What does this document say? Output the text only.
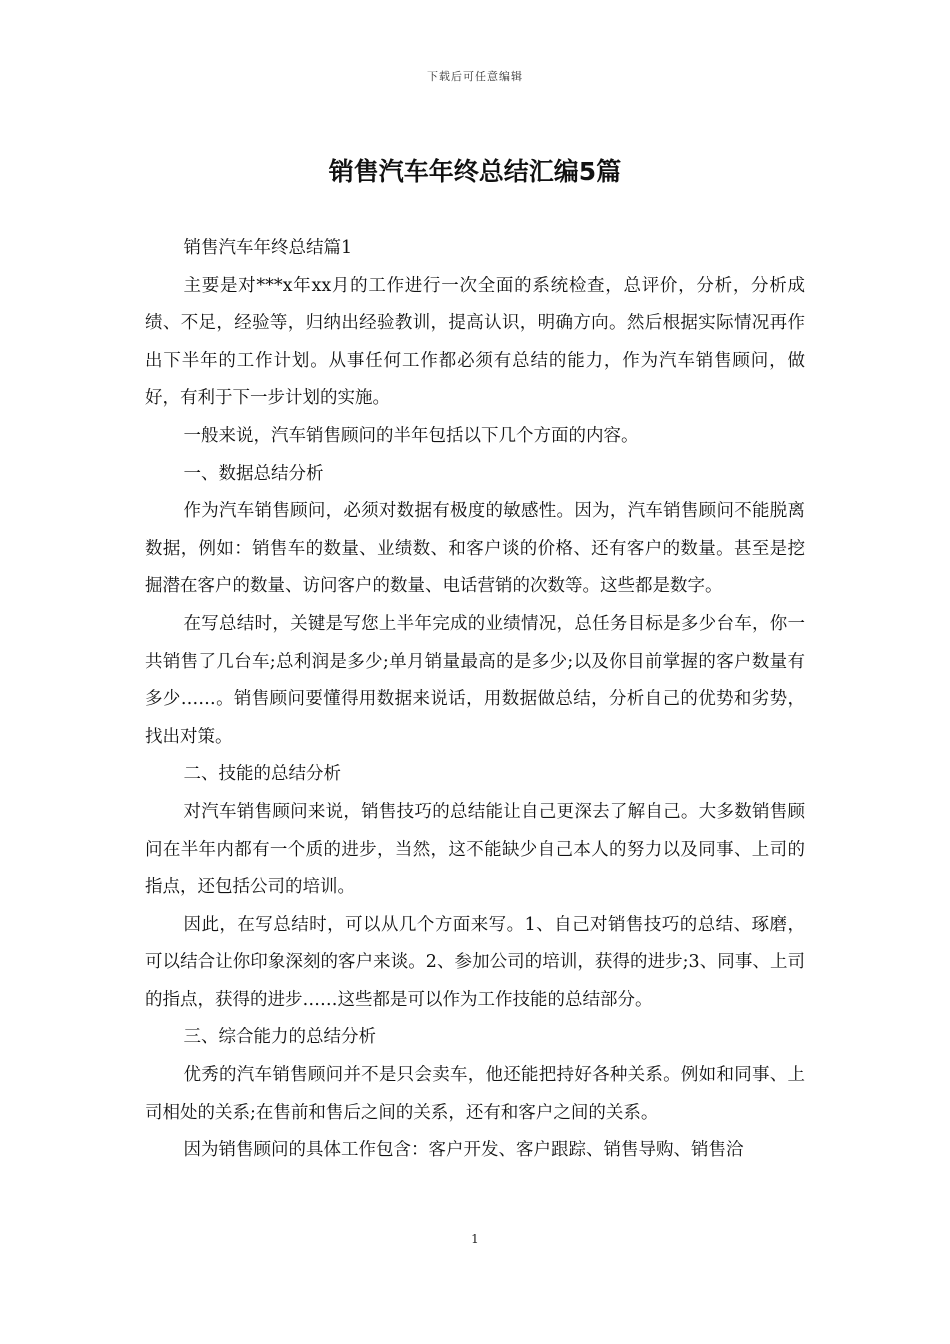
下载后可任意编辑
销售汽车年终总结汇编5篇

销售汽车年终总结篇1

主要是对***x年xx月的工作进行一次全面的系统检查，总评价，分析，分析成绩、不足，经验等，归纳出经验教训，提高认识，明确方向。然后根据实际情况再作出下半年的工作计划。从事任何工作都必须有总结的能力，作为汽车销售顾问，做好，有利于下一步计划的实施。

一般来说，汽车销售顾问的半年包括以下几个方面的内容。

一、数据总结分析

作为汽车销售顾问，必须对数据有极度的敏感性。因为，汽车销售顾问不能脱离数据，例如：销售车的数量、业绩数、和客户谈的价格、还有客户的数量。甚至是挖掘潜在客户的数量、访问客户的数量、电话营销的次数等。这些都是数字。

在写总结时，关键是写您上半年完成的业绩情况，总任务目标是多少台车，你一共销售了几台车;总利润是多少;单月销量最高的是多少;以及你目前掌握的客户数量有多少……。销售顾问要懂得用数据来说话，用数据做总结，分析自己的优势和劣势，找出对策。

二、技能的总结分析

对汽车销售顾问来说，销售技巧的总结能让自己更深去了解自己。大多数销售顾问在半年内都有一个质的进步，当然，这不能缺少自己本人的努力以及同事、上司的指点，还包括公司的培训。

因此，在写总结时，可以从几个方面来写。1、自己对销售技巧的总结、琢磨，可以结合让你印象深刻的客户来谈。2、参加公司的培训，获得的进步;3、同事、上司的指点，获得的进步……这些都是可以作为工作技能的总结部分。

三、综合能力的总结分析

优秀的汽车销售顾问并不是只会卖车，他还能把持好各种关系。例如和同事、上司相处的关系;在售前和售后之间的关系，还有和客户之间的关系。

因为销售顾问的具体工作包含：客户开发、客户跟踪、销售导购、销售洽

1
